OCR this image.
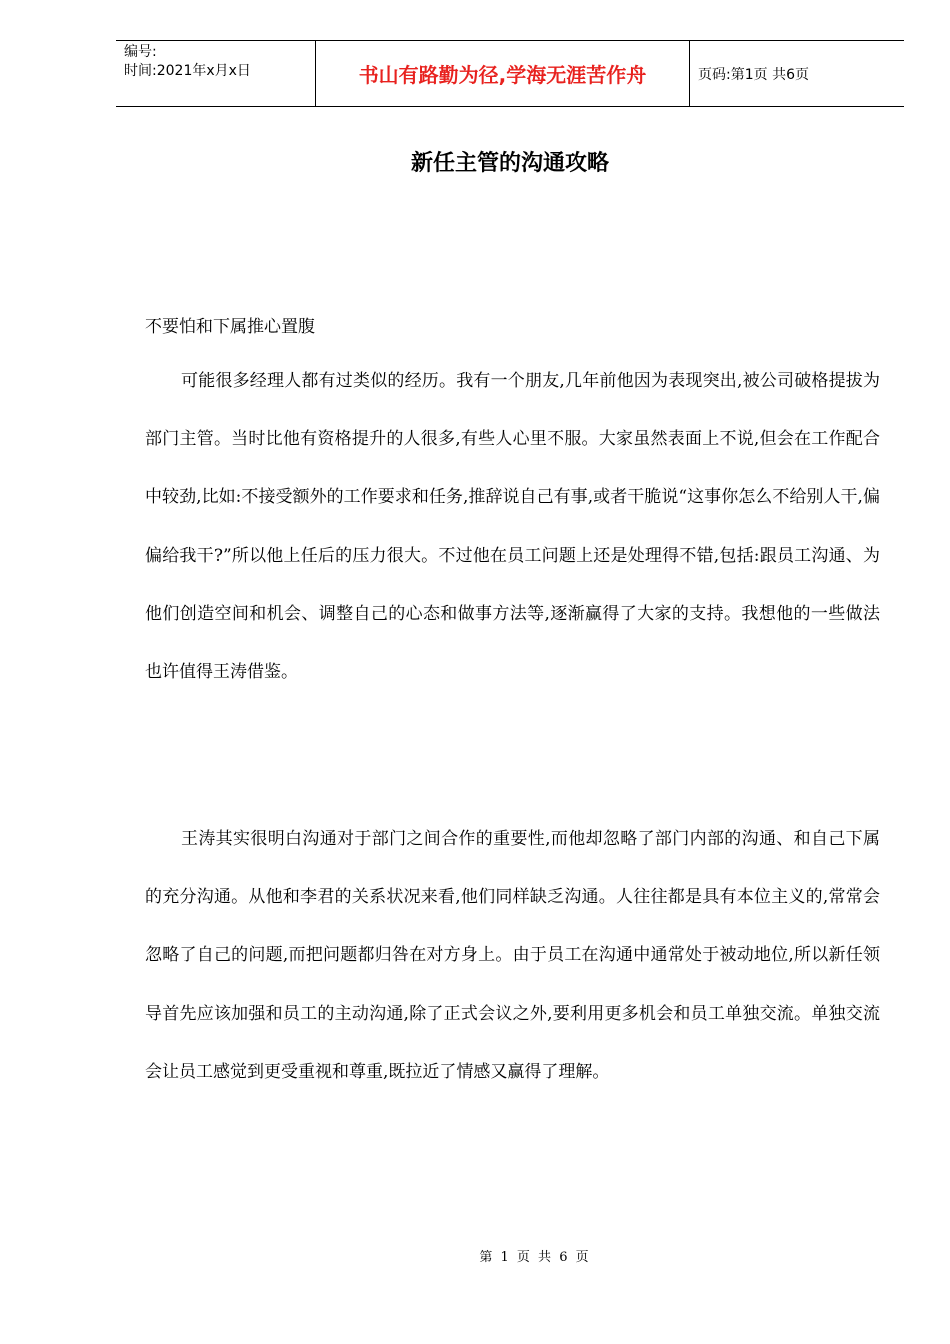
编号:
时间:2021年x月x日	书山有路勤为径,学海无涯苦作舟	页码:第1页 共6页
新任主管的沟通攻略
不要怕和下属推心置腹

可能很多经理人都有过类似的经历。我有一个朋友,几年前他因为表现突出,被公司破格提拔为部门主管。当时比他有资格提升的人很多,有些人心里不服。大家虽然表面上不说,但会在工作配合中较劲,比如:不接受额外的工作要求和任务,推辞说自己有事,或者干脆说“这事你怎么不给别人干,偏偏给我干?”所以他上任后的压力很大。不过他在员工问题上还是处理得不错,包括:跟员工沟通、为他们创造空间和机会、调整自己的心态和做事方法等,逐渐赢得了大家的支持。我想他的一些做法也许值得王涛借鉴。

王涛其实很明白沟通对于部门之间合作的重要性,而他却忽略了部门内部的沟通、和自己下属的充分沟通。从他和李君的关系状况来看,他们同样缺乏沟通。人往往都是具有本位主义的,常常会忽略了自己的问题,而把问题都归咎在对方身上。由于员工在沟通中通常处于被动地位,所以新任领导首先应该加强和员工的主动沟通,除了正式会议之外,要利用更多机会和员工单独交流。单独交流会让员工感觉到更受重视和尊重,既拉近了情感又赢得了理解。

第 1 页 共 6 页
